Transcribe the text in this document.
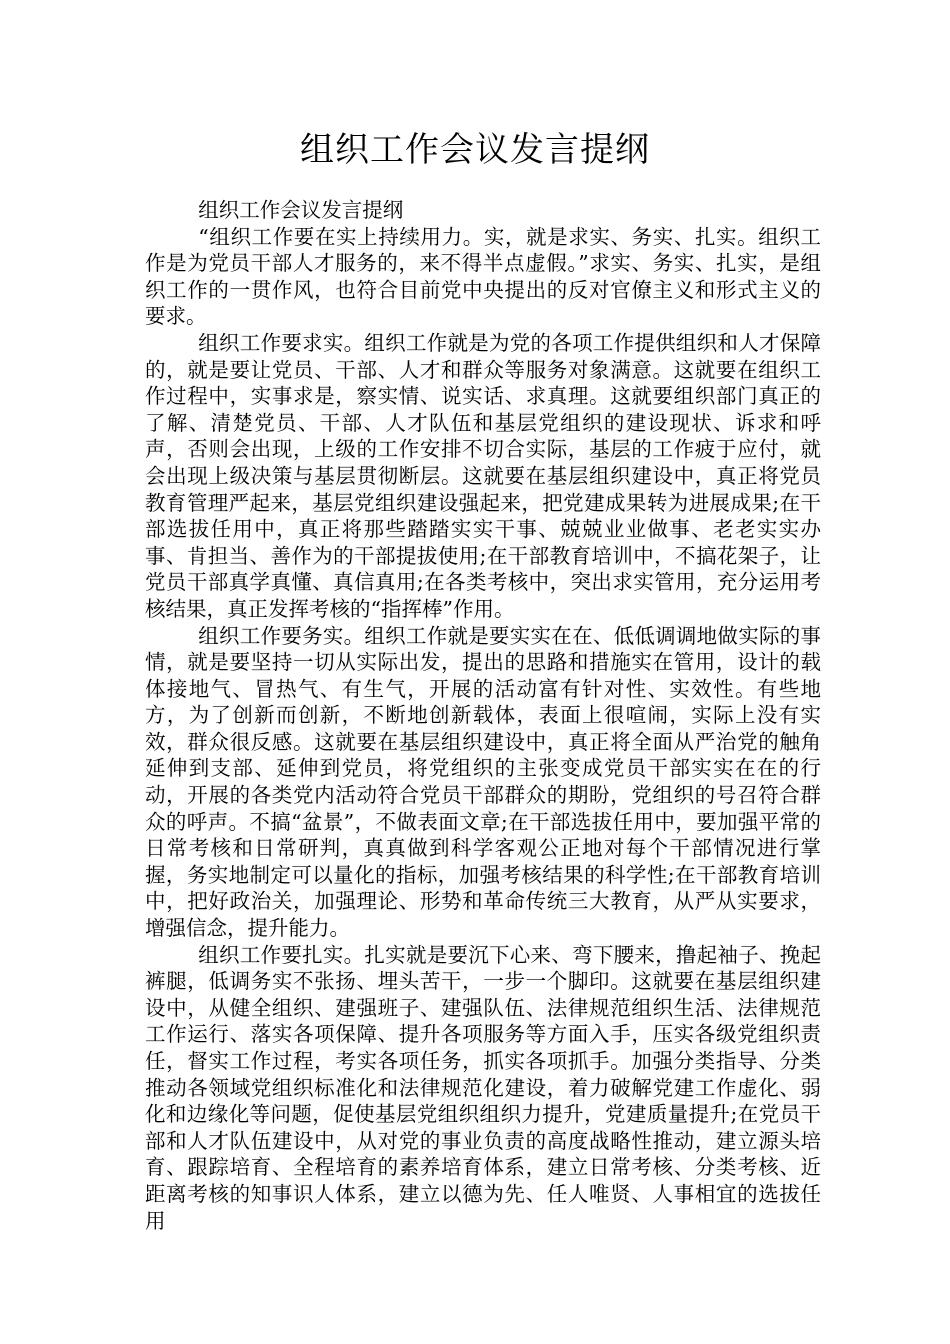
组织工作会议发言提纲

组织工作会议发言提纲

“组织工作要在实上持续用力。实，就是求实、务实、扎实。组织工作是为党员干部人才服务的，来不得半点虚假。”求实、务实、扎实，是组织工作的一贯作风，也符合目前党中央提出的反对官僚主义和形式主义的要求。

组织工作要求实。组织工作就是为党的各项工作提供组织和人才保障的，就是要让党员、干部、人才和群众等服务对象满意。这就要在组织工作过程中，实事求是，察实情、说实话、求真理。这就要组织部门真正的了解、清楚党员、干部、人才队伍和基层党组织的建设现状、诉求和呼声，否则会出现，上级的工作安排不切合实际，基层的工作疲于应付，就会出现上级决策与基层贯彻断层。这就要在基层组织建设中，真正将党员教育管理严起来，基层党组织建设强起来，把党建成果转为进展成果;在干部选拔任用中，真正将那些踏踏实实干事、兢兢业业做事、老老实实办事、肯担当、善作为的干部提拔使用;在干部教育培训中，不搞花架子，让党员干部真学真懂、真信真用;在各类考核中，突出求实管用，充分运用考核结果，真正发挥考核的“指挥棒”作用。

组织工作要务实。组织工作就是要实实在在、低低调调地做实际的事情，就是要坚持一切从实际出发，提出的思路和措施实在管用，设计的载体接地气、冒热气、有生气，开展的活动富有针对性、实效性。有些地方，为了创新而创新，不断地创新载体，表面上很喧闹，实际上没有实效，群众很反感。这就要在基层组织建设中，真正将全面从严治党的触角延伸到支部、延伸到党员，将党组织的主张变成党员干部实实在在的行动，开展的各类党内活动符合党员干部群众的期盼，党组织的号召符合群众的呼声。不搞“盆景”，不做表面文章;在干部选拔任用中，要加强平常的日常考核和日常研判，真真做到科学客观公正地对每个干部情况进行掌握，务实地制定可以量化的指标，加强考核结果的科学性;在干部教育培训中，把好政治关，加强理论、形势和革命传统三大教育，从严从实要求，增强信念，提升能力。

组织工作要扎实。扎实就是要沉下心来、弯下腰来，撸起袖子、挽起裤腿，低调务实不张扬、埋头苦干，一步一个脚印。这就要在基层组织建设中，从健全组织、建强班子、建强队伍、法律规范组织生活、法律规范工作运行、落实各项保障、提升各项服务等方面入手，压实各级党组织责任，督实工作过程，考实各项任务，抓实各项抓手。加强分类指导、分类推动各领域党组织标准化和法律规范化建设，着力破解党建工作虚化、弱化和边缘化等问题，促使基层党组织组织力提升，党建质量提升;在党员干部和人才队伍建设中，从对党的事业负责的高度战略性推动，建立源头培育、跟踪培育、全程培育的素养培育体系，建立日常考核、分类考核、近距离考核的知事识人体系，建立以德为先、任人唯贤、人事相宜的选拔任用
